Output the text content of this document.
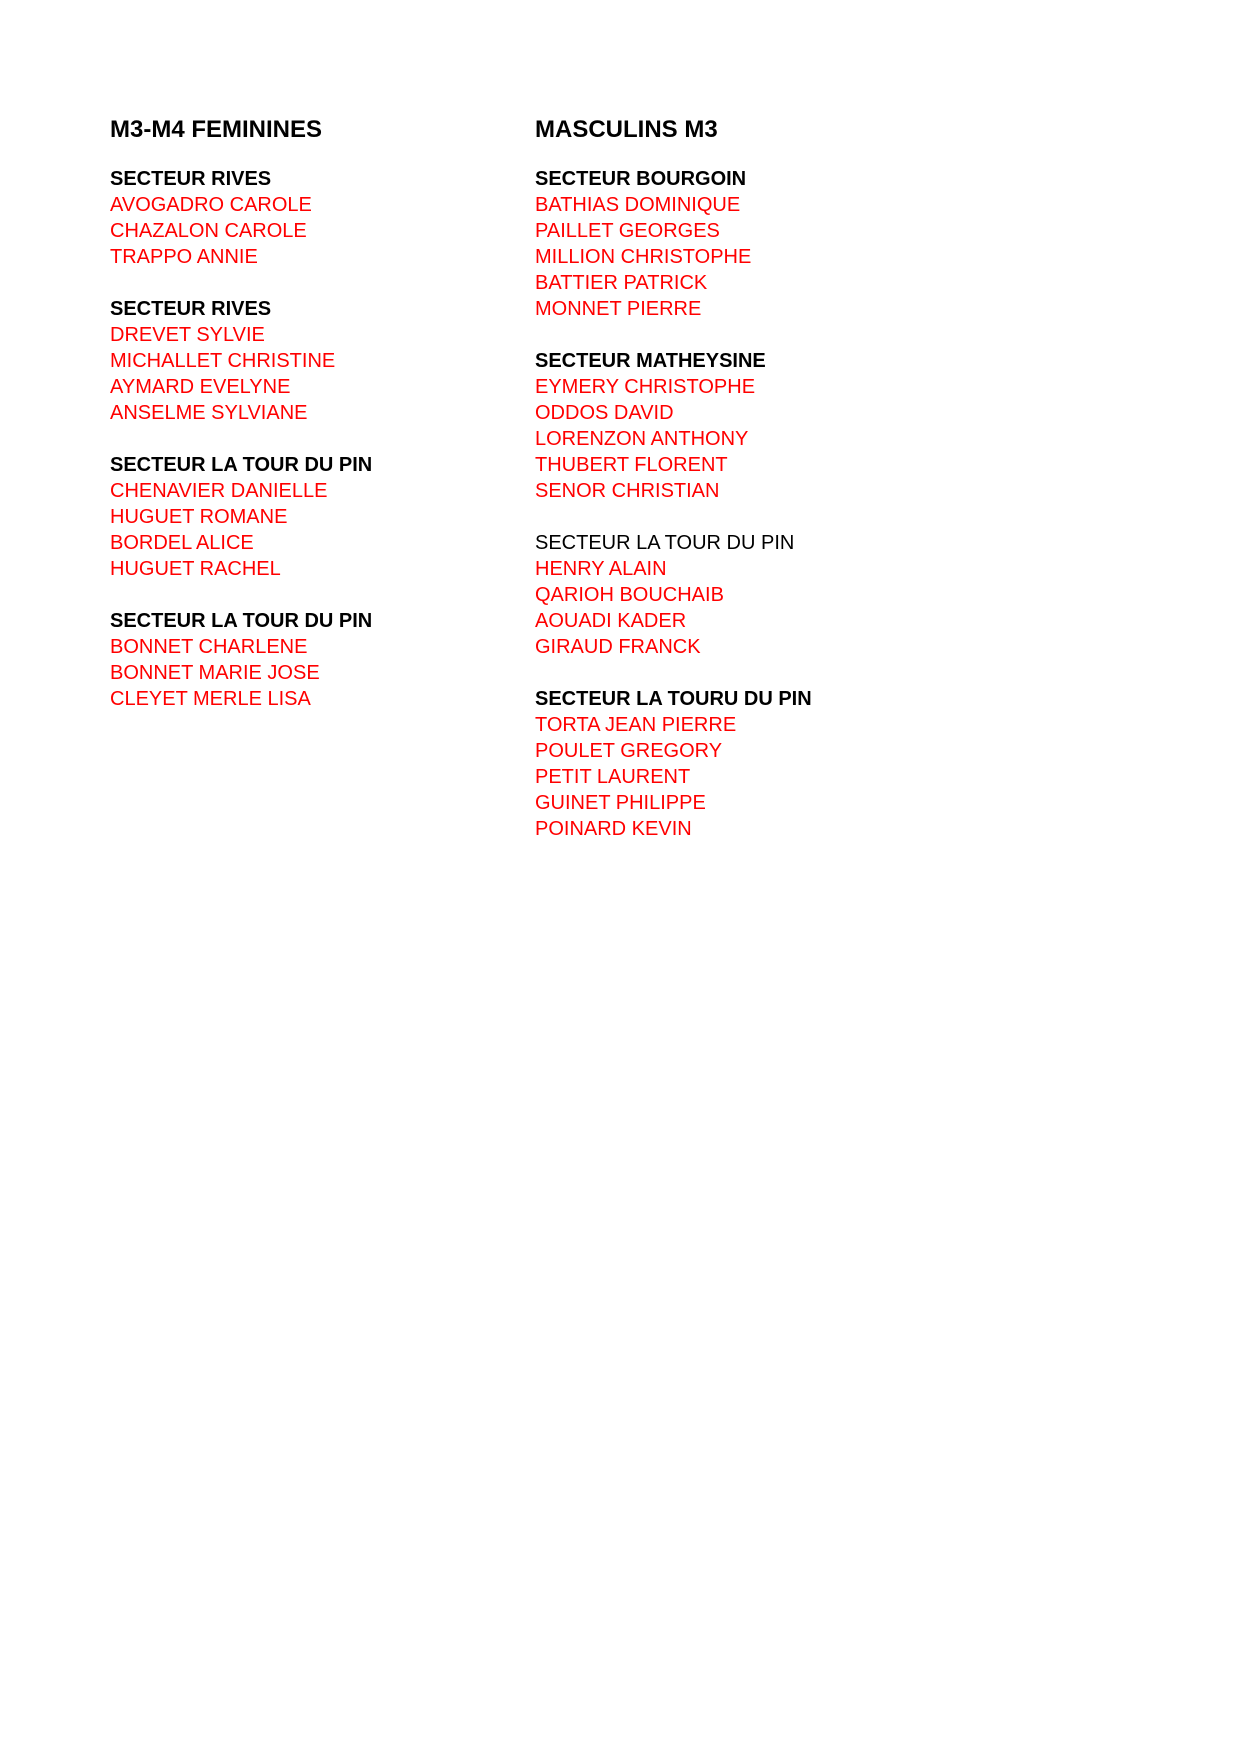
M3-M4 FEMININES
SECTEUR RIVES
AVOGADRO CAROLE
CHAZALON CAROLE
TRAPPO ANNIE
SECTEUR RIVES
DREVET SYLVIE
MICHALLET CHRISTINE
AYMARD EVELYNE
ANSELME SYLVIANE
SECTEUR LA TOUR DU PIN
CHENAVIER DANIELLE
HUGUET ROMANE
BORDEL ALICE
HUGUET RACHEL
SECTEUR LA TOUR DU PIN
BONNET CHARLENE
BONNET MARIE JOSE
CLEYET MERLE LISA
MASCULINS M3
SECTEUR BOURGOIN
BATHIAS DOMINIQUE
PAILLET GEORGES
MILLION CHRISTOPHE
BATTIER PATRICK
MONNET PIERRE
SECTEUR MATHEYSINE
EYMERY CHRISTOPHE
ODDOS DAVID
LORENZON ANTHONY
THUBERT FLORENT
SENOR CHRISTIAN
SECTEUR LA TOUR DU PIN
HENRY ALAIN
QARIOH BOUCHAIB
AOUADI KADER
GIRAUD FRANCK
SECTEUR LA TOURU DU PIN
TORTA JEAN PIERRE
POULET GREGORY
PETIT LAURENT
GUINET PHILIPPE
POINARD KEVIN
